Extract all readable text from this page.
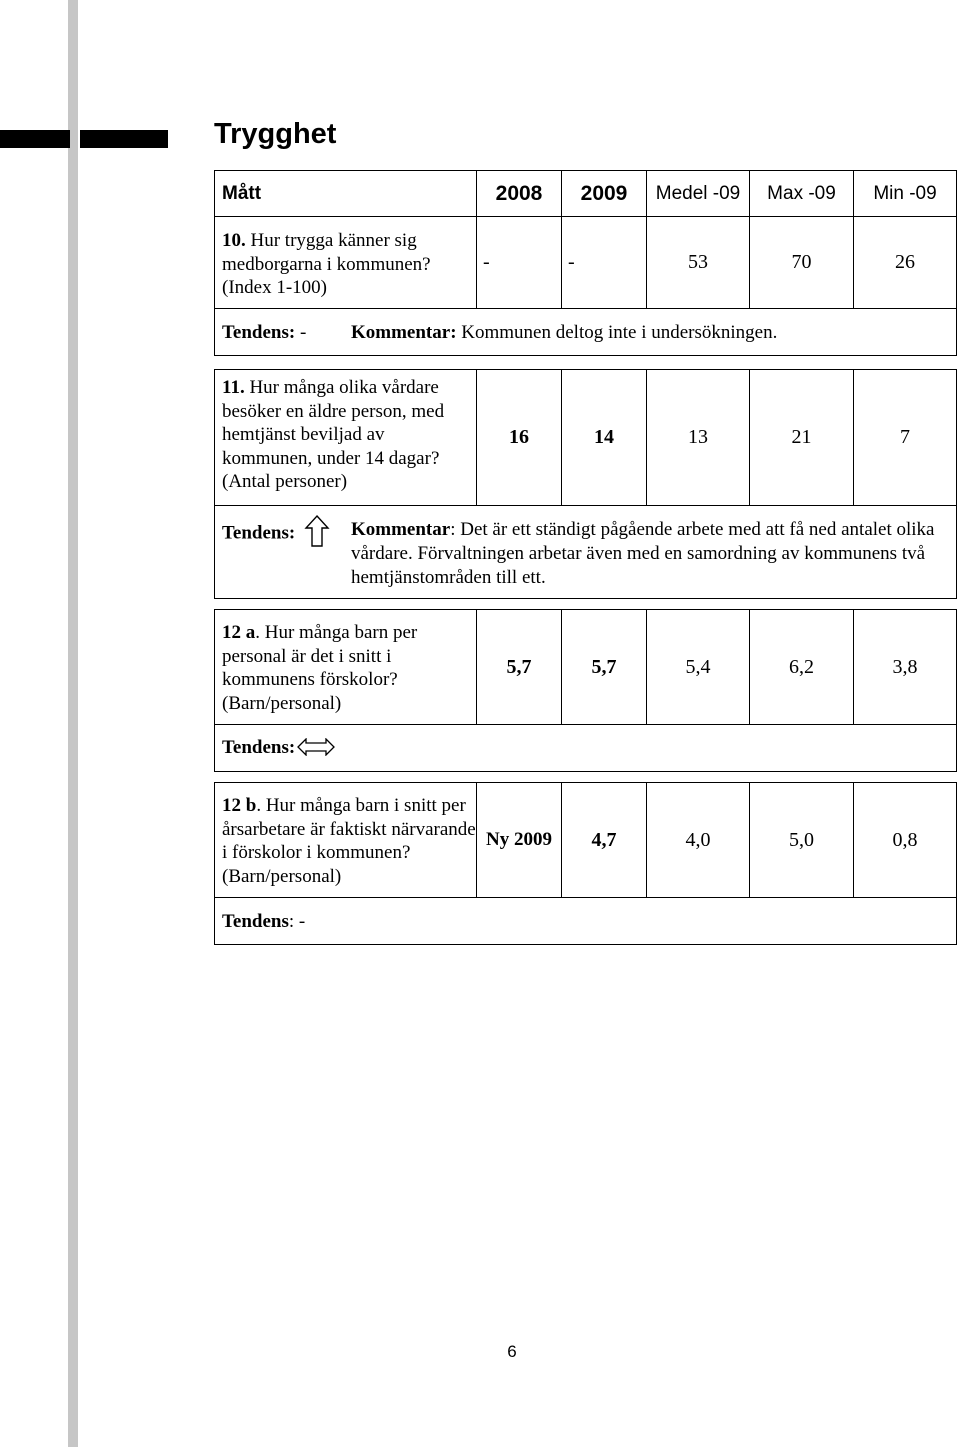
Trygghet
Mått	2008	2009	Medel -09	Max -09	Min -09
10. Hur trygga känner sig medborgarna i kommunen? (Index 1-100)
-	-	53	70	26
Tendens: - Kommentar: Kommunen deltog inte i undersökningen.
11. Hur många olika vårdare besöker en äldre person, med hemtjänst beviljad av kommunen, under 14 dagar? (Antal personer)
16	14	13	21	7
Tendens:	Kommentar: Det är ett ständigt pågående arbete med att få ned antalet olika vårdare. Förvaltningen arbetar även med en samordning av kommunens två hemtjänstområden till ett.
12 a. Hur många barn per personal är det i snitt i kommunens förskolor? (Barn/personal)
5,7	5,7	5,4	6,2	3,8
Tendens:
12 b. Hur många barn i snitt per årsarbetare är faktiskt närvarande i förskolor i kommunen? (Barn/personal)
Ny 2009	4,7	4,0	5,0	0,8
Tendens: -
6
